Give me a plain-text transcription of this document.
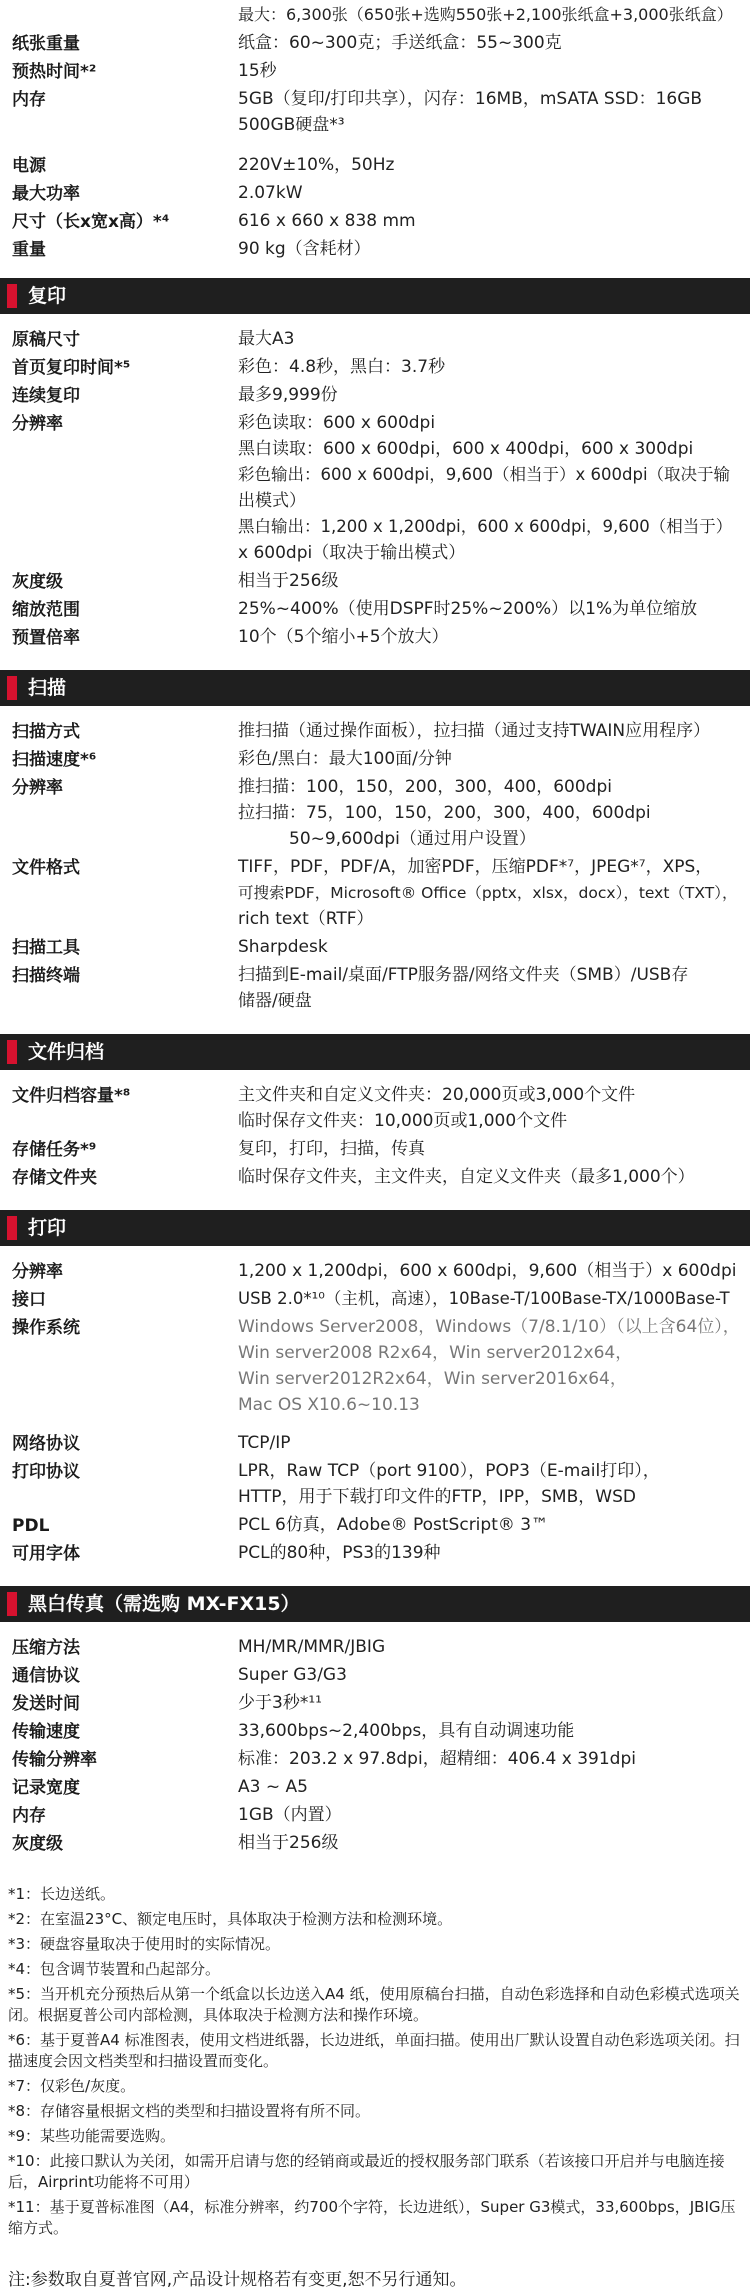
最大：6,300张（650张+选购550张+2,100张纸盒+3,000张纸盒）
纸张重量	纸盒：60~300克；手送纸盒：55~300克
预热时间*²	15秒
内存	5GB（复印/打印共享），闪存：16MB，mSATA SSD：16GB
500GB硬盘*³
电源	220V±10%，50Hz
最大功率	2.07kW
尺寸（长x宽x高）*⁴	616 x 660 x 838 mm
重量	90 kg（含耗材）
复印
原稿尺寸	最大A3
首页复印时间*⁵	彩色：4.8秒，黑白：3.7秒
连续复印	最多9,999份
分辨率	彩色读取：600 x 600dpi
黑白读取：600 x 600dpi，600 x 400dpi，600 x 300dpi
彩色输出：600 x 600dpi，9,600（相当于）x 600dpi（取决于输
出模式）
黑白输出：1,200 x 1,200dpi，600 x 600dpi，9,600（相当于）
x 600dpi（取决于输出模式）
灰度级	相当于256级
缩放范围	25%~400%（使用DSPF时25%~200%）以1%为单位缩放
预置倍率	10个（5个缩小+5个放大）
扫描
扫描方式	推扫描（通过操作面板），拉扫描（通过支持TWAIN应用程序）
扫描速度*⁶	彩色/黑白：最大100面/分钟
分辨率	推扫描：100，150，200，300，400，600dpi
拉扫描：75，100，150，200，300，400，600dpi
　　　50~9,600dpi（通过用户设置）
文件格式	TIFF，PDF，PDF/A，加密PDF，压缩PDF*⁷，JPEG*⁷，XPS，
可搜索PDF，Microsoft® Office（pptx，xlsx，docx），text（TXT），
rich text（RTF）
扫描工具	Sharpdesk
扫描终端	扫描到E-mail/桌面/FTP服务器/网络文件夹（SMB）/USB存
储器/硬盘
文件归档
文件归档容量*⁸	主文件夹和自定义文件夹：20,000页或3,000个文件
临时保存文件夹：10,000页或1,000个文件
存储任务*⁹	复印，打印，扫描，传真
存储文件夹	临时保存文件夹，主文件夹，自定义文件夹（最多1,000个）
打印
分辨率	1,200 x 1,200dpi，600 x 600dpi，9,600（相当于）x 600dpi
接口	USB 2.0*¹⁰（主机，高速），10Base-T/100Base-TX/1000Base-T
操作系统	Windows Server2008，Windows（7/8.1/10）（以上含64位），
Win server2008 R2x64，Win server2012x64，
Win server2012R2x64，Win server2016x64，
Mac OS X10.6~10.13
网络协议	TCP/IP
打印协议	LPR，Raw TCP（port 9100），POP3（E-mail打印），
HTTP，用于下载打印文件的FTP，IPP，SMB，WSD
PDL	PCL 6仿真，Adobe® PostScript® 3™
可用字体	PCL的80种，PS3的139种
黑白传真（需选购 MX-FX15）
压缩方法	MH/MR/MMR/JBIG
通信协议	Super G3/G3
发送时间	少于3秒*¹¹
传输速度	33,600bps~2,400bps，具有自动调速功能
传输分辨率	标准：203.2 x 97.8dpi，超精细：406.4 x 391dpi
记录宽度	A3 ~ A5
内存	1GB（内置）
灰度级	相当于256级
*1：长边送纸。
*2：在室温23°C、额定电压时，具体取决于检测方法和检测环境。
*3：硬盘容量取决于使用时的实际情况。
*4：包含调节装置和凸起部分。
*5：当开机充分预热后从第一个纸盒以长边送入A4 纸，使用原稿台扫描，自动色彩选择和自动色彩模式选项关闭。根据夏普公司内部检测，具体取决于检测方法和操作环境。
*6：基于夏普A4 标准图表，使用文档进纸器，长边进纸，单面扫描。使用出厂默认设置自动色彩选项关闭。扫描速度会因文档类型和扫描设置而变化。
*7：仅彩色/灰度。
*8：存储容量根据文档的类型和扫描设置将有所不同。
*9：某些功能需要选购。
*10：此接口默认为关闭，如需开启请与您的经销商或最近的授权服务部门联系（若该接口开启并与电脑连接后，Airprint功能将不可用）
*11：基于夏普标准图（A4，标准分辨率，约700个字符，长边进纸），Super G3模式，33,600bps，JBIG压缩方式。
注:参数取自夏普官网,产品设计规格若有变更,恕不另行通知。
